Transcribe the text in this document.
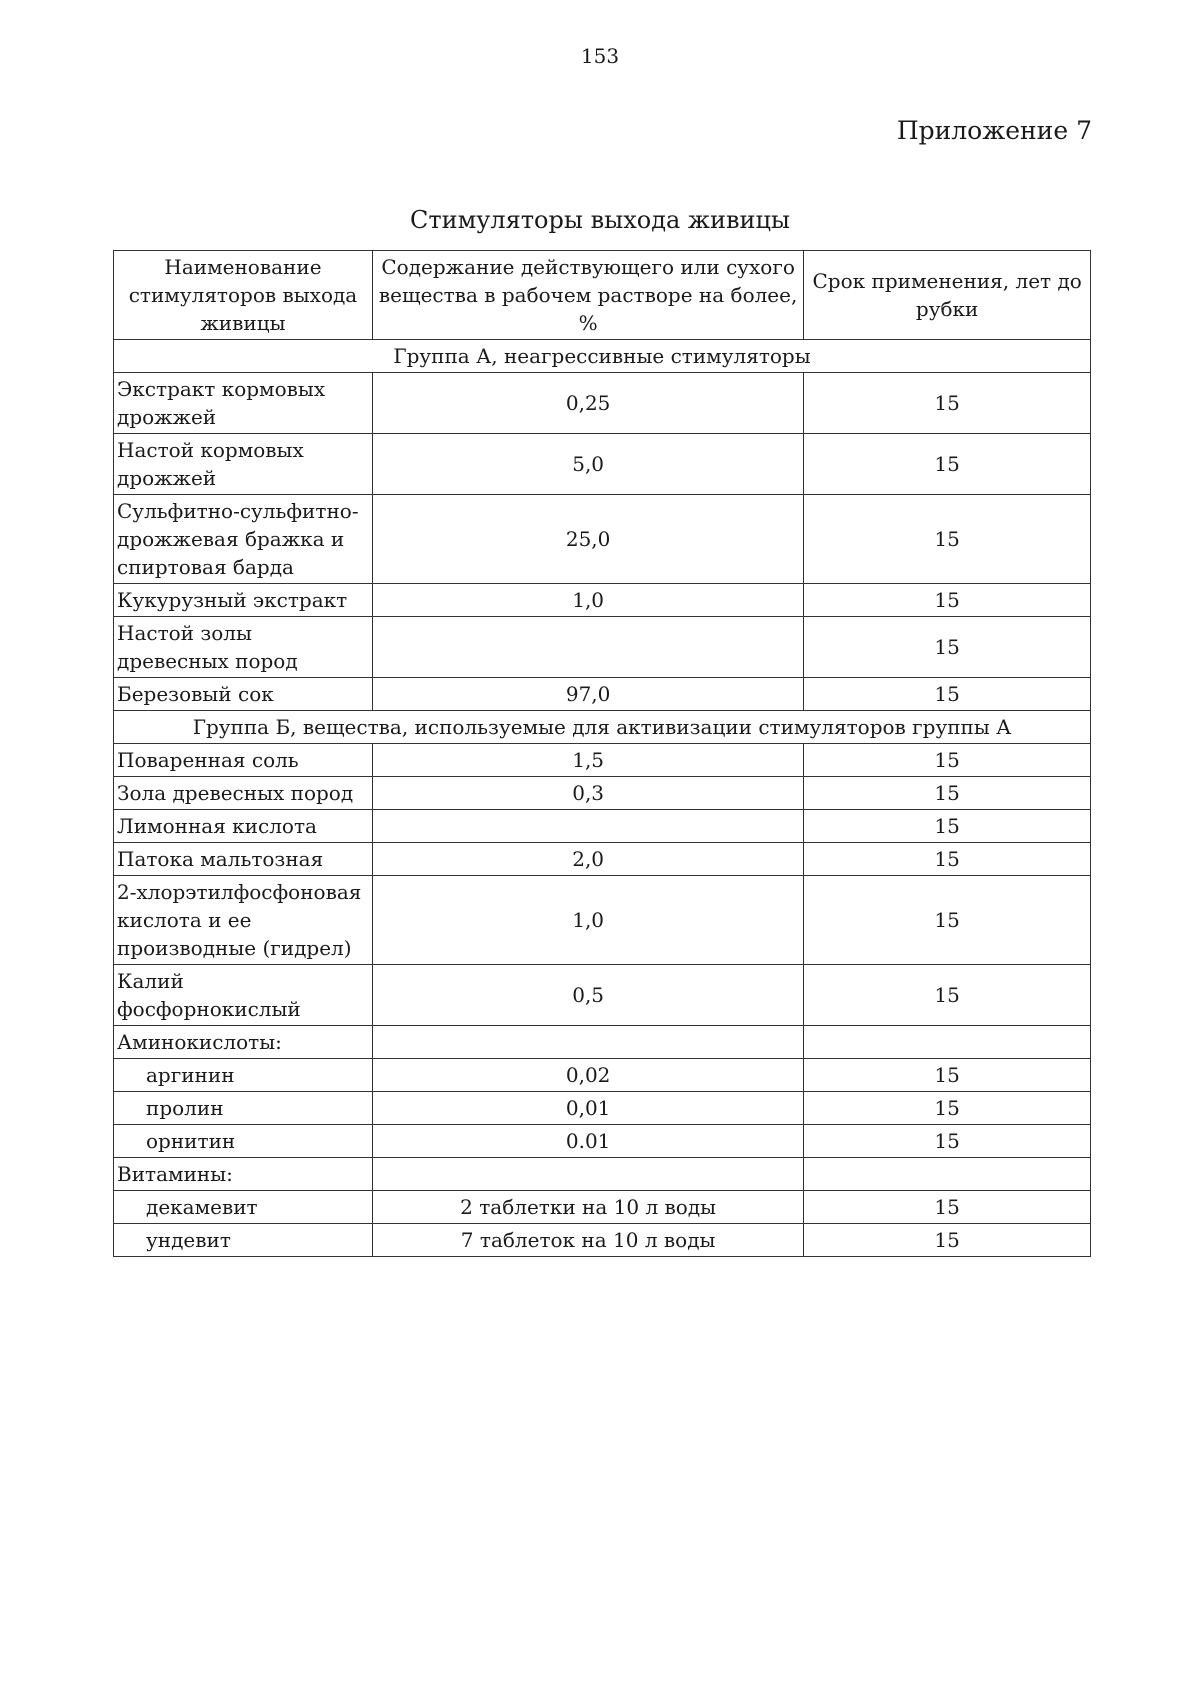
153
Приложение 7
Стимуляторы выхода живицы
Наименование стимуляторов выхода живицы	Содержание действующего или сухого вещества в рабочем растворе на более, %	Срок применения, лет до рубки
Группа А, неагрессивные стимуляторы		
Экстракт кормовых дрожжей	0,25	15
Настой кормовых дрожжей	5,0	15
Сульфитно-сульфитно-дрожжевая бражка и спиртовая барда	25,0	15
Кукурузный экстракт	1,0	15
Настой золы древесных пород		15
Березовый сок	97,0	15
Группа Б, вещества, используемые для активизации стимуляторов группы А		
Поваренная соль	1,5	15
Зола древесных пород	0,3	15
Лимонная кислота		15
Патока мальтозная	2,0	15
2-хлорэтилфосфоновая кислота и ее производные (гидрел)	1,0	15
Калий фосфорнокислый	0,5	15
Аминокислоты:		
аргинин	0,02	15
пролин	0,01	15
орнитин	0.01	15
Витамины:		
декамевит	2 таблетки на 10 л воды	15
ундевит	7 таблеток на 10 л воды	15
